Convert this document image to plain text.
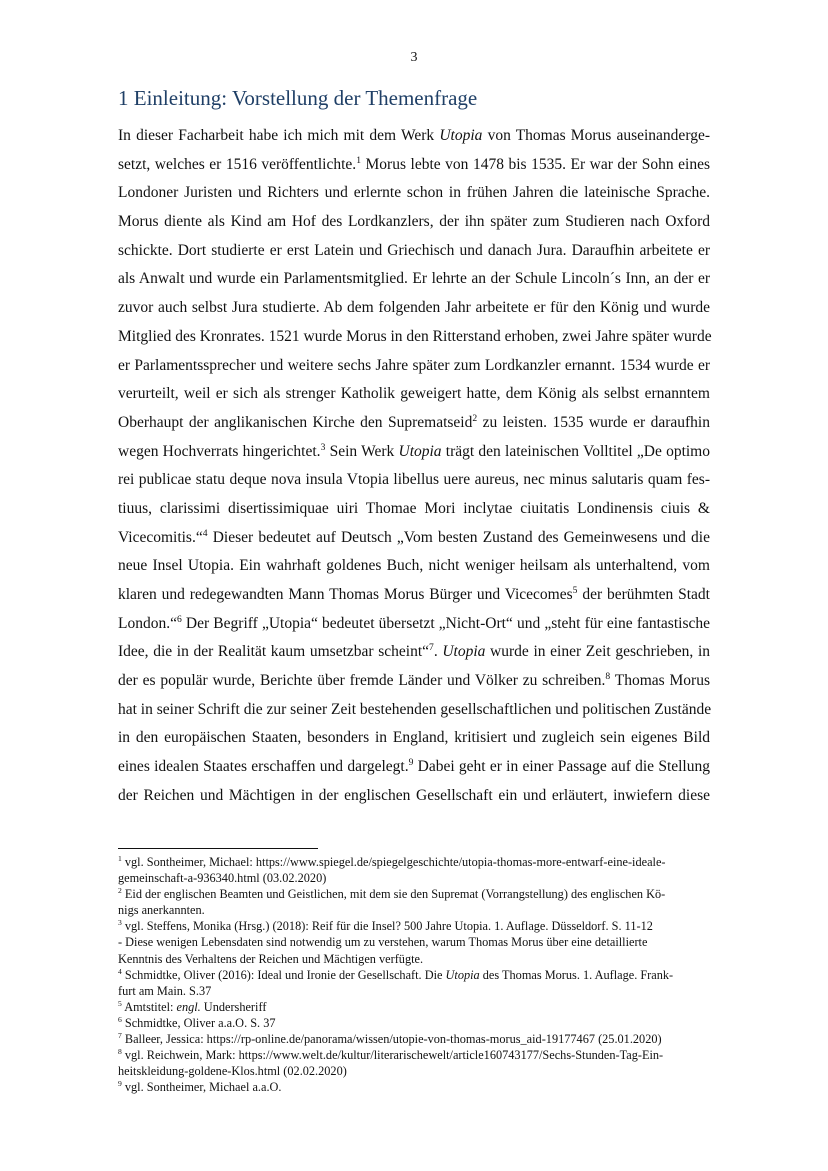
3
1 Einleitung: Vorstellung der Themenfrage
In dieser Facharbeit habe ich mich mit dem Werk Utopia von Thomas Morus auseinanderge-
setzt, welches er 1516 veröffentlichte.$^1$ Morus lebte von 1478 bis 1535. Er war der Sohn eines
Londoner Juristen und Richters und erlernte schon in frühen Jahren die lateinische Sprache.
Morus diente als Kind am Hof des Lordkanzlers, der ihn später zum Studieren nach Oxford
schickte. Dort studierte er erst Latein und Griechisch und danach Jura. Daraufhin arbeitete er
als Anwalt und wurde ein Parlamentsmitglied. Er lehrte an der Schule Lincoln´s Inn, an der er
zuvor auch selbst Jura studierte. Ab dem folgenden Jahr arbeitete er für den König und wurde
Mitglied des Kronrates. 1521 wurde Morus in den Ritterstand erhoben, zwei Jahre später wurde
er Parlamentssprecher und weitere sechs Jahre später zum Lordkanzler ernannt. 1534 wurde er
verurteilt, weil er sich als strenger Katholik geweigert hatte, dem König als selbst ernanntem
Oberhaupt der anglikanischen Kirche den Suprematseid$^2$ zu leisten. 1535 wurde er daraufhin
wegen Hochverrats hingerichtet.$^3$ Sein Werk Utopia trägt den lateinischen Volltitel „De optimo
rei publicae statu deque nova insula Vtopia libellus uere aureus, nec minus salutaris quam fes-
tiuus, clarissimi disertissimiquae uiri Thomae Mori inclytae ciuitatis Londinensis ciuis &
Vicecomitis.“$^4$ Dieser bedeutet auf Deutsch „Vom besten Zustand des Gemeinwesens und die
neue Insel Utopia. Ein wahrhaft goldenes Buch, nicht weniger heilsam als unterhaltend, vom
klaren und redegewandten Mann Thomas Morus Bürger und Vicecomes$^5$ der berühmten Stadt
London.“$^6$ Der Begriff „Utopia“ bedeutet übersetzt „Nicht-Ort“ und „steht für eine fantastische
Idee, die in der Realität kaum umsetzbar scheint“$^7$. Utopia wurde in einer Zeit geschrieben, in
der es populär wurde, Berichte über fremde Länder und Völker zu schreiben.$^8$ Thomas Morus
hat in seiner Schrift die zur seiner Zeit bestehenden gesellschaftlichen und politischen Zustände
in den europäischen Staaten, besonders in England, kritisiert und zugleich sein eigenes Bild
eines idealen Staates erschaffen und dargelegt.$^9$ Dabei geht er in einer Passage auf die Stellung
der Reichen und Mächtigen in der englischen Gesellschaft ein und erläutert, inwiefern diese
$^1$ vgl. Sontheimer, Michael: https://www.spiegel.de/spiegelgeschichte/utopia-thomas-more-entwarf-eine-ideale-
gemeinschaft-a-936340.html (03.02.2020)
$^2$ Eid der englischen Beamten und Geistlichen, mit dem sie den Supremat (Vorrangstellung) des englischen Kö-
nigs anerkannten.
$^3$ vgl. Steffens, Monika (Hrsg.) (2018): Reif für die Insel? 500 Jahre Utopia. 1. Auflage. Düsseldorf. S. 11-12
- Diese wenigen Lebensdaten sind notwendig um zu verstehen, warum Thomas Morus über eine detaillierte
Kenntnis des Verhaltens der Reichen und Mächtigen verfügte.
$^4$ Schmidtke, Oliver (2016): Ideal und Ironie der Gesellschaft. Die Utopia des Thomas Morus. 1. Auflage. Frank-
furt am Main. S.37
$^5$ Amtstitel: engl. Undersheriff
$^6$ Schmidtke, Oliver a.a.O. S. 37
$^7$ Balleer, Jessica: https://rp-online.de/panorama/wissen/utopie-von-thomas-morus_aid-19177467 (25.01.2020)
$^8$ vgl. Reichwein, Mark: https://www.welt.de/kultur/literarischewelt/article160743177/Sechs-Stunden-Tag-Ein-
heitskleidung-goldene-Klos.html (02.02.2020)
$^9$ vgl. Sontheimer, Michael a.a.O.
